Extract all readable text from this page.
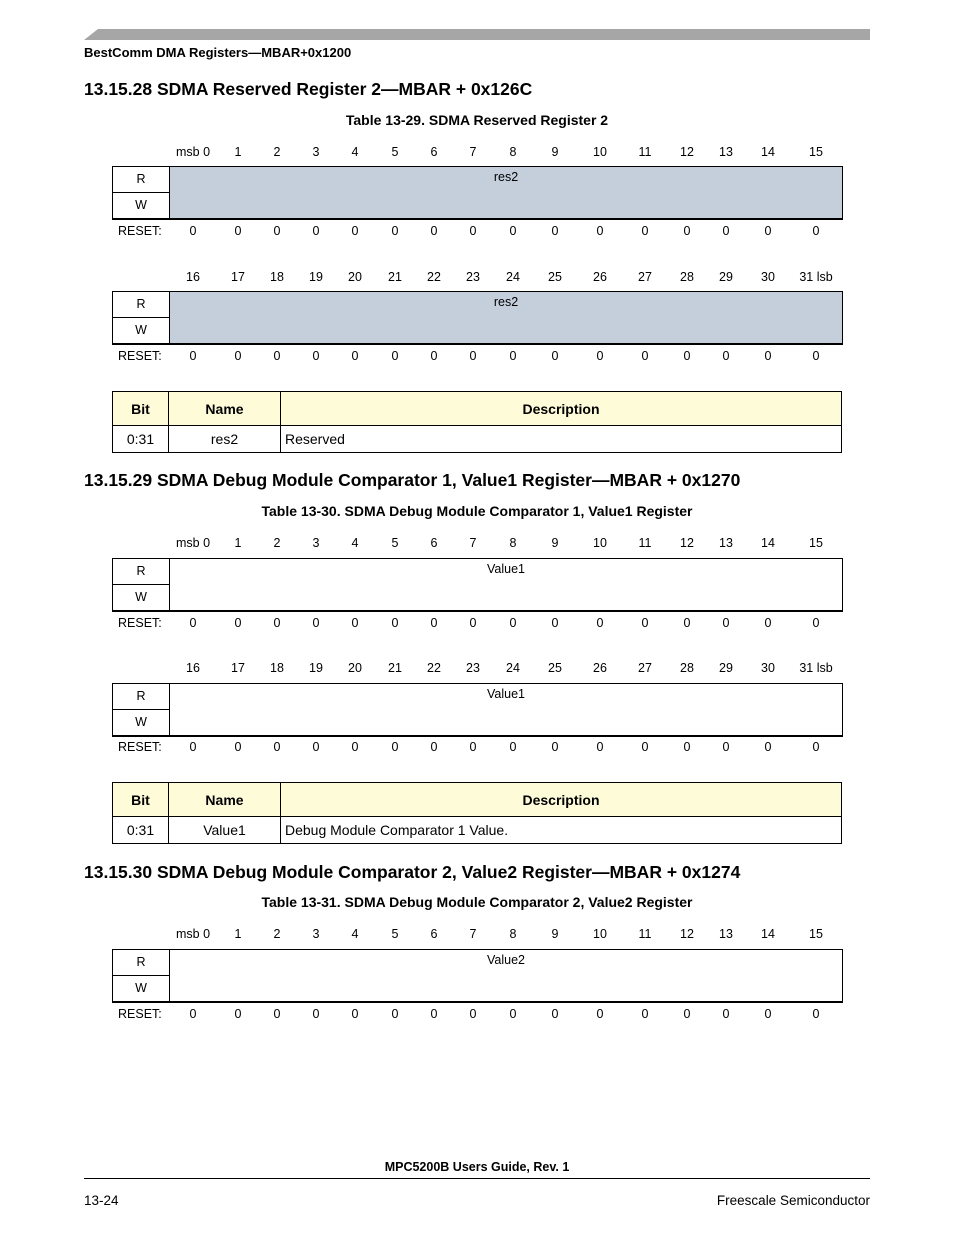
BestComm DMA Registers—MBAR+0x1200
13.15.28 SDMA Reserved Register 2—MBAR + 0x126C
Table 13-29. SDMA Reserved Register 2
msb 0 1	2	3	4	5	6	7	8	9	10	11 12 13 14	15
R
W
res2
RESET: 0	0	0	0	0	0	0	0	0	0	0	0	0	0	0	0
16 17 18 19 20 21 22 23 24 25 26 27 28 29 30 31 lsb
R
W
res2
RESET: 0	0	0	0	0	0	0	0	0	0	0	0	0	0	0	0
Bit	Name	Description
0:31	res2	Reserved
13.15.29 SDMA Debug Module Comparator 1, Value1 Register—MBAR + 0x1270
Table 13-30. SDMA Debug Module Comparator 1, Value1 Register
msb 0 1	2	3	4	5	6	7	8	9	10	11 12 13 14	15
R
W
Value1
RESET: 0	0	0	0	0	0	0	0	0	0	0	0	0	0	0	0
16 17 18 19 20 21 22 23 24 25 26 27 28 29 30 31 lsb
R
W
Value1
RESET: 0	0	0	0	0	0	0	0	0	0	0	0	0	0	0	0
Bit	Name	Description
0:31	Value1	Debug Module Comparator 1 Value.
13.15.30 SDMA Debug Module Comparator 2, Value2 Register—MBAR + 0x1274
Table 13-31. SDMA Debug Module Comparator 2, Value2 Register
msb 0 1	2	3	4	5	6	7	8	9	10	11 12 13 14	15
R
W
Value2
RESET: 0	0	0	0	0	0	0	0	0	0	0	0	0	0	0	0
MPC5200B Users Guide, Rev. 1
13-24	Freescale Semiconductor
